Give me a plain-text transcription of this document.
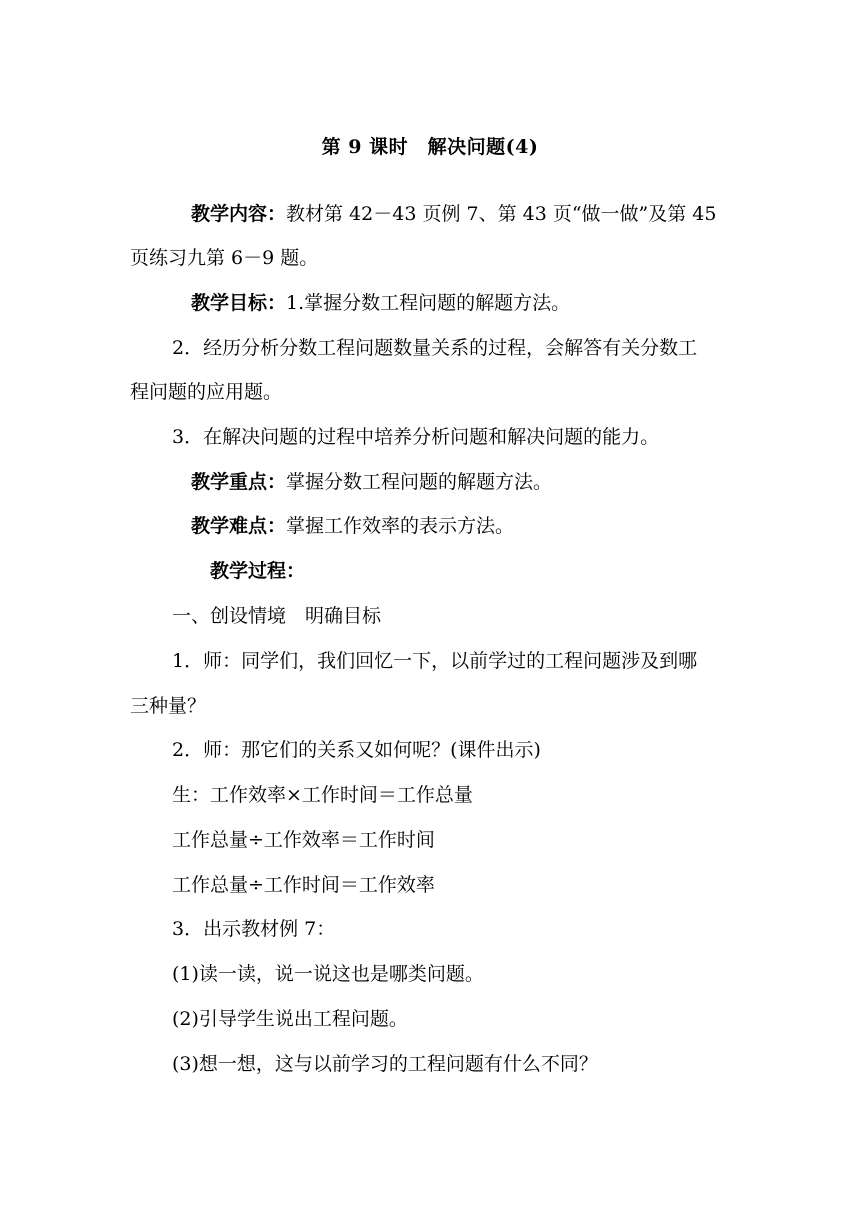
第 9 课时　解决问题(4)
教学内容：教材第 42－43 页例 7、第 43 页“做一做”及第 45
页练习九第 6－9 题。
教学目标：1.掌握分数工程问题的解题方法。
2．经历分析分数工程问题数量关系的过程，会解答有关分数工
程问题的应用题。
3．在解决问题的过程中培养分析问题和解决问题的能力。
教学重点：掌握分数工程问题的解题方法。
教学难点：掌握工作效率的表示方法。
教学过程：
一、创设情境　明确目标
1．师：同学们，我们回忆一下，以前学过的工程问题涉及到哪
三种量？
2．师：那它们的关系又如何呢？(课件出示)
生：工作效率×工作时间＝工作总量
工作总量÷工作效率＝工作时间
工作总量÷工作时间＝工作效率
3．出示教材例 7：
(1)读一读，说一说这也是哪类问题。
(2)引导学生说出工程问题。
(3)想一想，这与以前学习的工程问题有什么不同？
